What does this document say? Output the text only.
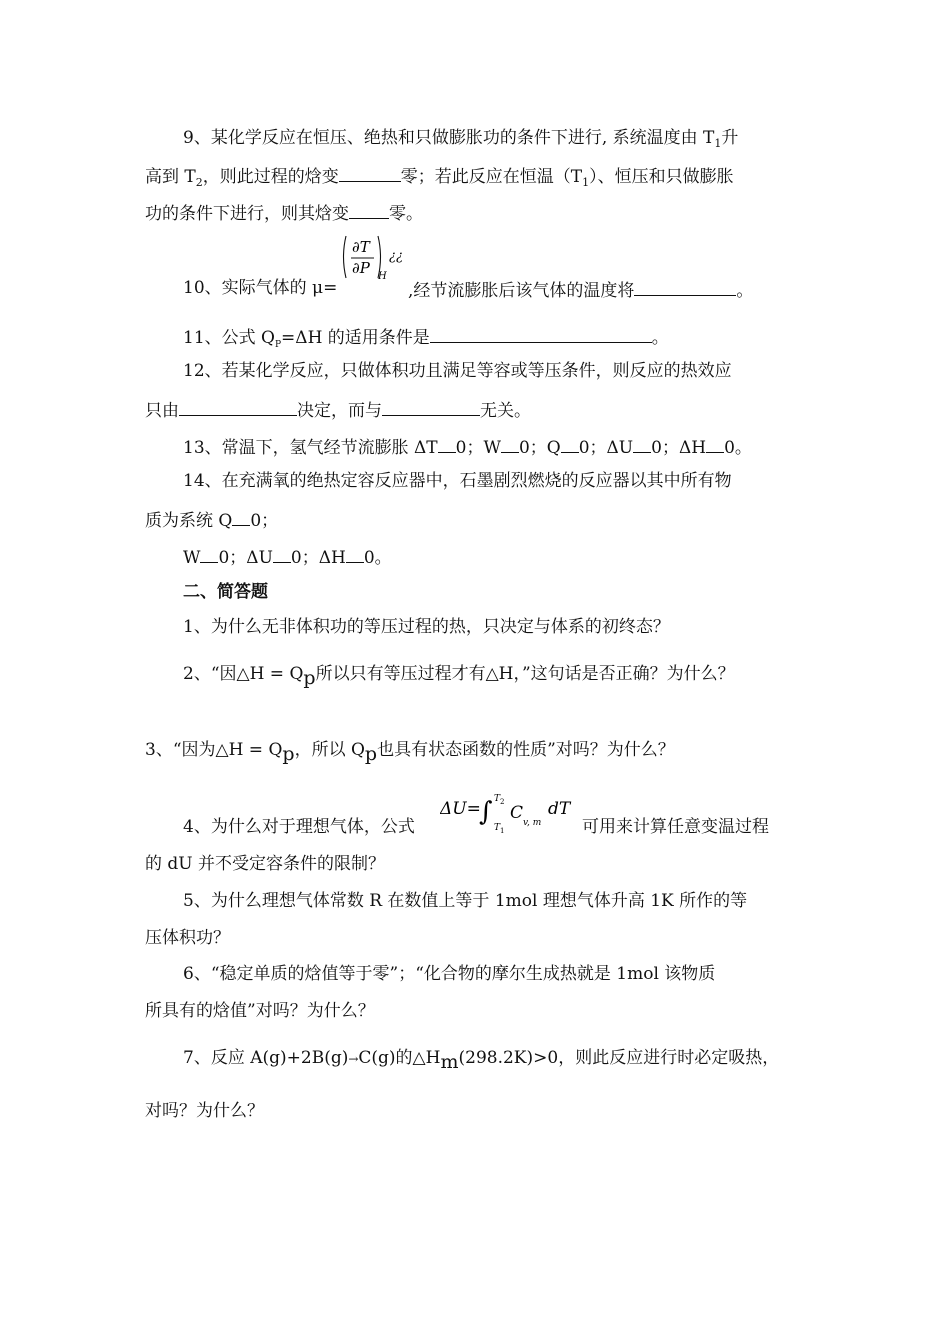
9、某化学反应在恒压、绝热和只做膨胀功的条件下进行, 系统温度由 $T_1$升
高到 $T_2$，则此过程的焓变	零；若此反应在恒温$(T_1)$、恒压和只做膨胀
功的条件下进行，则其焓变 零。
10、实际气体的 μ=
∂T
∂P H
¿¿
,经节流膨胀后该气体的温度将	。
11、公式 $Q_P=\Delta H$ 的适用条件是	。
12、若某化学反应，只做体积功且满足等容或等压条件，则反应的热效应
只由	决定，而与	无关。
13、常温下，氢气经节流膨胀 ΔT 0；W 0；Q 0；ΔU 0；ΔH 0。
14、在充满氧的绝热定容反应器中，石墨剧烈燃烧的反应器以其中所有物
质为系统 Q 0；
W 0；ΔU 0；ΔH 0。
二、简答题
1、为什么无非体积功的等压过程的热，只决定与体系的初终态？
2、“因△H = Qp所以只有等压过程才有△H，”这句话是否正确？为什么？
3、“因为△H = Qp，所以 Qp也具有状态函数的性质”对吗？为什么？
4、为什么对于理想气体，公式
ΔU=
∫ T 2
T 1
C v, m
dT
可用来计算任意变温过程
的 dU 并不受定容条件的限制？
5、为什么理想气体常数 R 在数值上等于 1mol 理想气体升高 1K 所作的等
压体积功？
6、“稳定单质的焓值等于零”；“化合物的摩尔生成热就是 1mol 该物质
所具有的焓值”对吗？为什么？
7、反应 A(g)+2B(g)→C(g)的△Hm(298.2K)>0，则此反应进行时必定吸热，
对吗？为什么？
